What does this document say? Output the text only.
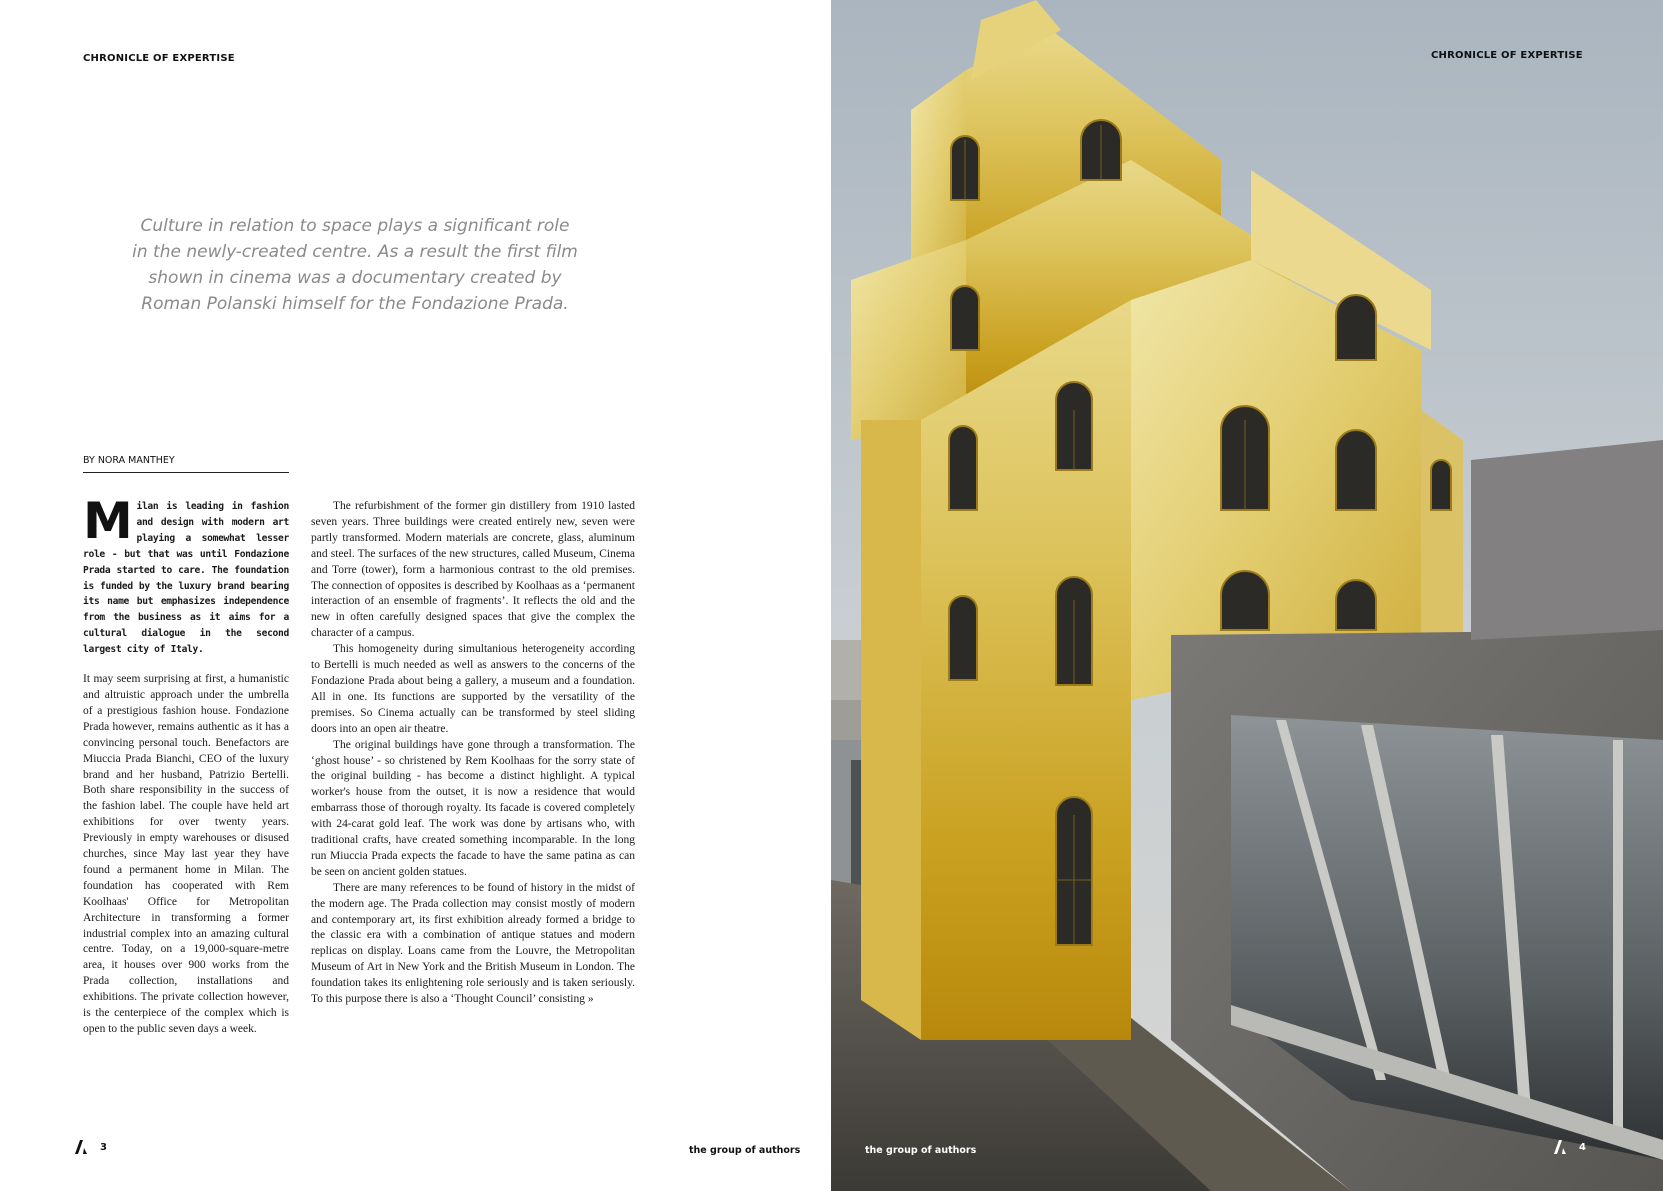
CHRONICLE OF EXPERTISE
Culture in relation to space plays a significant role
in the newly-created centre. As a result the first film
shown in cinema was a documentary created by
Roman Polanski himself for the Fondazione Prada.
BY NORA MANTHEY

Milan is leading in fashion and design with modern art playing a somewhat lesser role - but that was until Fondazione Prada started to care. The foundation is funded by the luxury brand bearing its name but emphasizes independence from the business as it aims for a cultural dialogue in the second largest city of Italy.

It may seem surprising at first, a humanistic and altruistic approach under the umbrella of a prestigious fashion house. Fondazione Prada however, remains authentic as it has a convincing personal touch. Benefactors are Miuccia Prada Bianchi, CEO of the luxury brand and her husband, Patrizio Bertelli. Both share responsibility in the success of the fashion label. The couple have held art exhibitions for over twenty years. Previously in empty warehouses or disused churches, since May last year they have found a permanent home in Milan. The foundation has cooperated with Rem Koolhaas' Office for Metropolitan Architecture in transforming a former industrial complex into an amazing cultural centre. Today, on a 19,000-square-metre area, it houses over 900 works from the Prada collection, installations and exhibitions. The private collection however, is the centerpiece of the complex which is open to the public seven days a week.

The refurbishment of the former gin distillery from 1910 lasted seven years. Three buildings were created entirely new, seven were partly transformed. Modern materials are concrete, glass, aluminum and steel. The surfaces of the new structures, called Museum, Cinema and Torre (tower), form a harmonious contrast to the old premises. The connection of opposites is described by Koolhaas as a ‘permanent interaction of an ensemble of fragments’. It reflects the old and the new in often carefully designed spaces that give the complex the character of a campus.

This homogeneity during simultanious heterogeneity according to Bertelli is much needed as well as answers to the concerns of the Fondazione Prada about being a gallery, a museum and a foundation. All in one. Its functions are supported by the versatility of the premises. So Cinema actually can be transformed by steel sliding doors into an open air theatre.

The original buildings have gone through a transformation. The ‘ghost house’ - so christened by Rem Koolhaas for the sorry state of the original building - has become a distinct highlight. A typical worker's house from the outset, it is now a residence that would embarrass those of thorough royalty. Its facade is covered completely with 24-carat gold leaf. The work was done by artisans who, with traditional crafts, have created something incomparable. In the long run Miuccia Prada expects the facade to have the same patina as can be seen on ancient golden statues.

There are many references to be found of history in the midst of the modern age. The Prada collection may consist mostly of modern and contemporary art, its first exhibition already formed a bridge to the classic era with a combination of antique statues and modern replicas on display. Loans came from the Louvre, the Metropolitan Museum of Art in New York and the British Museum in London. The foundation takes its enlightening role seriously and is taken seriously. To this purpose there is also a ‘Thought Council’ consisting »

3	the group of authors
CHRONICLE OF EXPERTISE
the group of authors	4
